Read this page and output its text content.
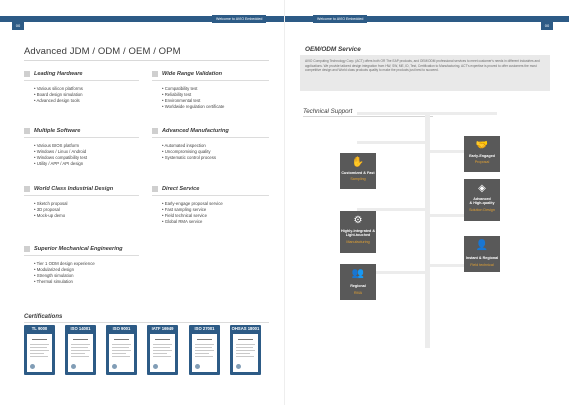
Welcome to AVIO Embedded
00
Welcome to AVIO Embedded
00
Advanced JDM / ODM / OEM / OPM
Leading Hardware
• Various silicon platforms
• Board design simulation
• Advanced design tools
Wide Range Validation
• Compatibility test
• Reliability test
• Environmental test
• Worldwide regulation certificate
Multiple Software
• Various BIOS platform
• Windows / Linux / Android
• Windows compatibility test
• Utility / APP / API design
Advanced Manufacturing
• Automated inspection
• Uncompromising quality
• Systematic control process
World Class Industrial Design
• Sketch proposal
• 3D proposal
• Mock-up demo
Direct Service
• Early-engage proposal service
• Fast sampling service
• Field technical service
• Global RMA service
Superior Mechanical Engineering
• Tier 1 ODM design experience
• Modularized design
• Strength simulation
• Thermal simulation
Certifications
TL 9000	ISO 14001	ISO 9001	IATF 16949	ISO 27001	OHSAS 18001
OEM/ODM Service
AVIO Computing Technology Corp. (ACT) offers both OR The EAP products, and OEM/ODM professional services to meet customer's needs in different industries and applications. We provide tailored design integration from HW, SW, ME, ID, Test, Certification to Manufacturing. ACT's expertise is proved to offer customers the most competitive design and World class products quality to make the products just best to succeed.
Technical Support
✋
Customized & Fast
Sampling
⚙
Highly-integrated &
Light-touched
Manufacturing
👥
Regional
RMA
🤝
Early-Engaged
Proposal
◈
Advanced
& High-quality
Solution Design
👤
Instant & Regional
Field technical
